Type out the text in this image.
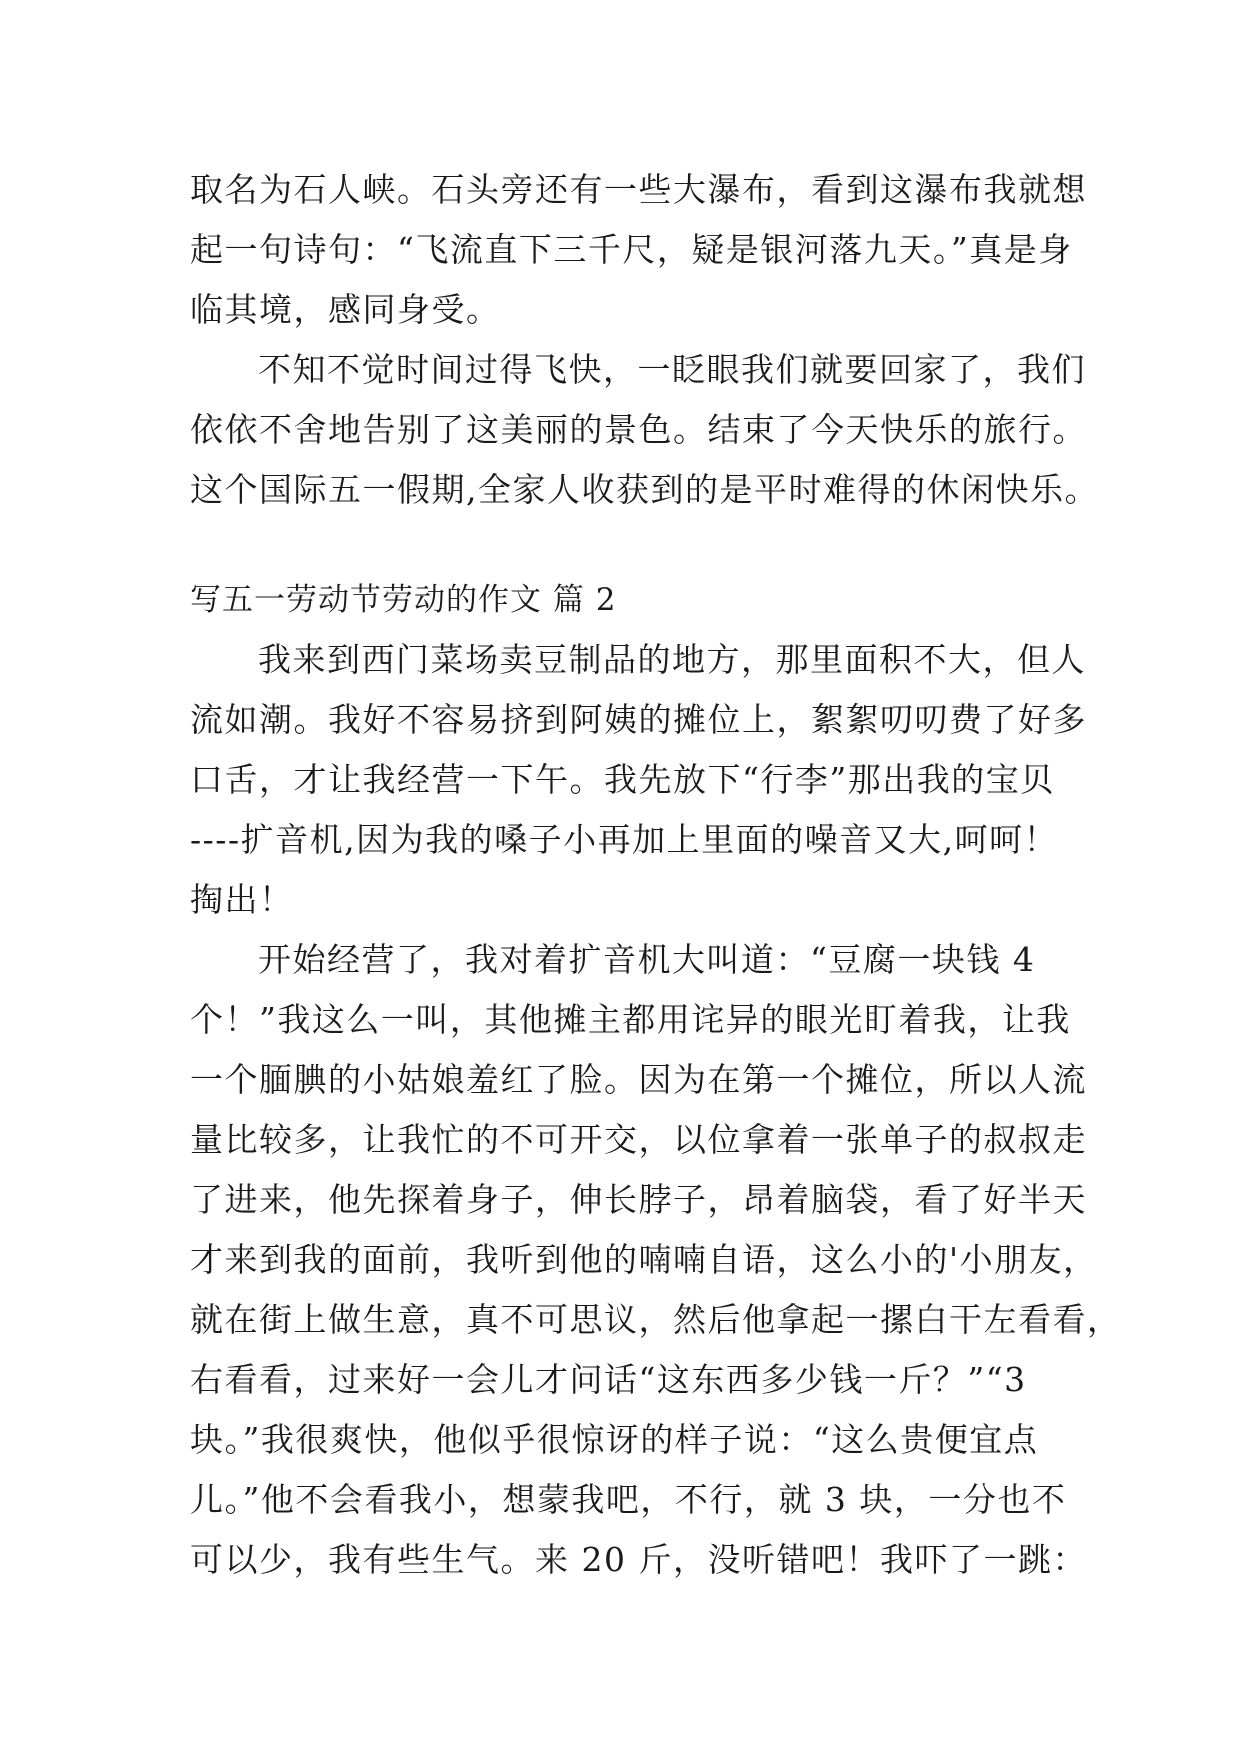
取名为石人峡。石头旁还有一些大瀑布，看到这瀑布我就想
起一句诗句：“飞流直下三千尺，疑是银河落九天。”真是身
临其境，感同身受。
不知不觉时间过得飞快，一眨眼我们就要回家了，我们
依依不舍地告别了这美丽的景色。结束了今天快乐的旅行。
这个国际五一假期,全家人收获到的是平时难得的休闲快乐。
写五一劳动节劳动的作文 篇 2
我来到西门菜场卖豆制品的地方，那里面积不大，但人
流如潮。我好不容易挤到阿姨的摊位上，絮絮叨叨费了好多
口舌，才让我经营一下午。我先放下“行李”那出我的宝贝
----扩音机,因为我的嗓子小再加上里面的噪音又大,呵呵！
掏出！
开始经营了，我对着扩音机大叫道：“豆腐一块钱 4
个！”我这么一叫，其他摊主都用诧异的眼光盯着我，让我
一个腼腆的小姑娘羞红了脸。因为在第一个摊位，所以人流
量比较多，让我忙的不可开交，以位拿着一张单子的叔叔走
了进来，他先探着身子，伸长脖子，昂着脑袋，看了好半天
才来到我的面前，我听到他的喃喃自语，这么小的'小朋友，
就在街上做生意，真不可思议，然后他拿起一摞白干左看看，
右看看，过来好一会儿才问话“这东西多少钱一斤？”“3
块。”我很爽快，他似乎很惊讶的样子说：“这么贵便宜点
儿。”他不会看我小，想蒙我吧，不行，就 3 块，一分也不
可以少，我有些生气。来 20 斤，没听错吧！我吓了一跳：
